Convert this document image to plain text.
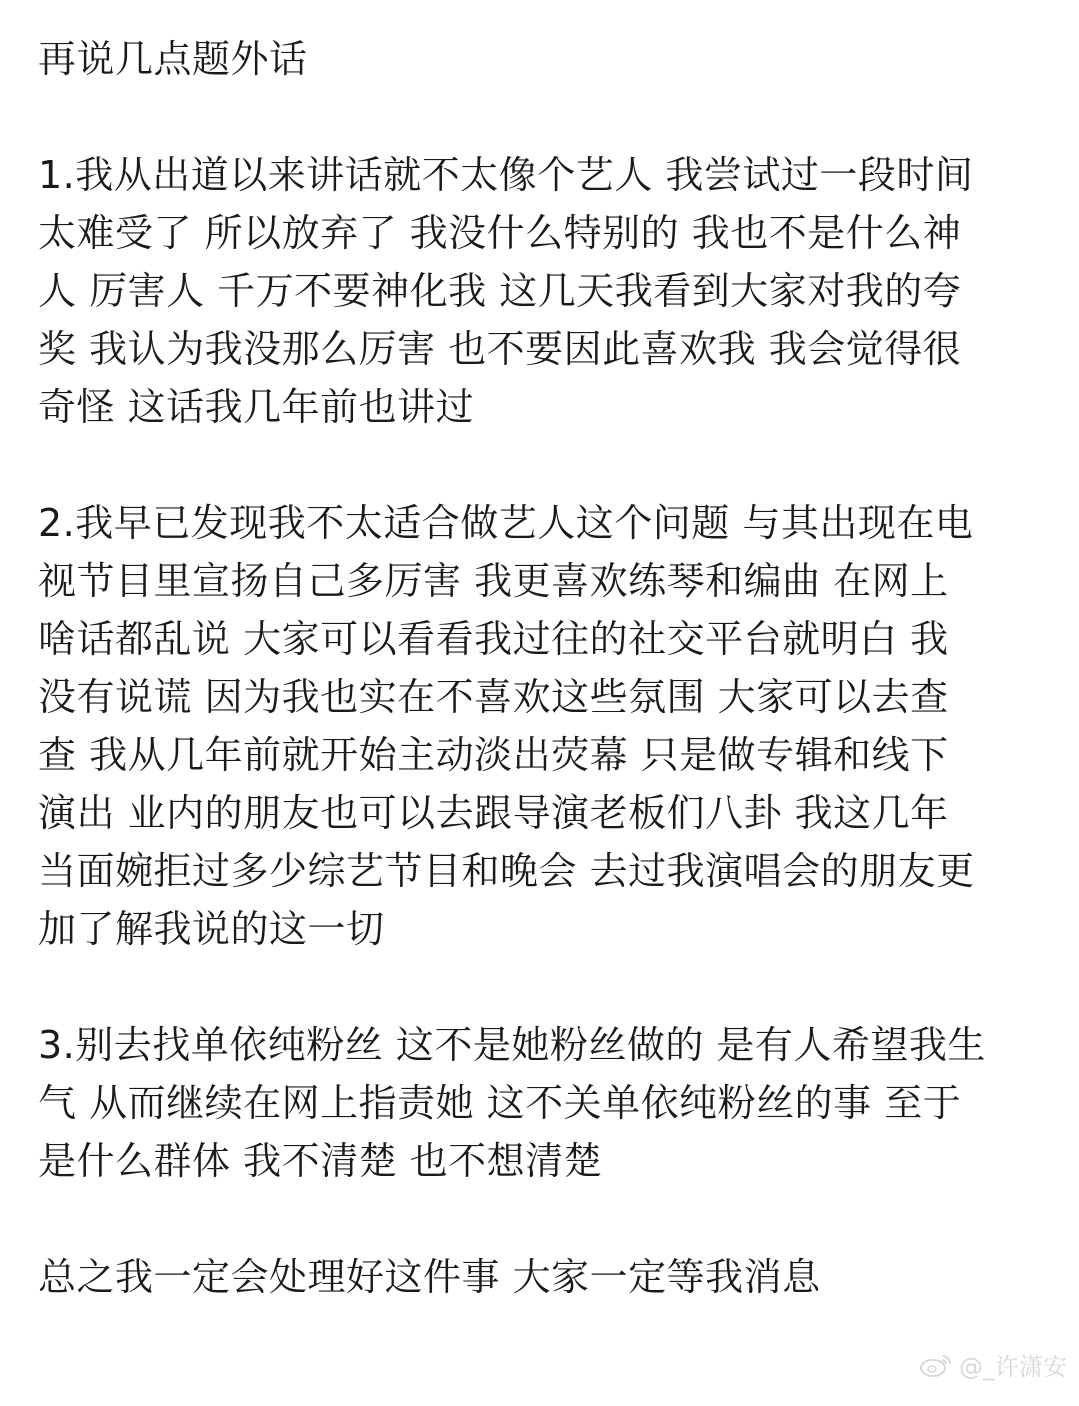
再说几点题外话
1.我从出道以来讲话就不太像个艺人 我尝试过一段时间
太难受了 所以放弃了 我没什么特别的 我也不是什么神
人 厉害人 千万不要神化我 这几天我看到大家对我的夸
奖 我认为我没那么厉害 也不要因此喜欢我 我会觉得很
奇怪 这话我几年前也讲过
2.我早已发现我不太适合做艺人这个问题 与其出现在电
视节目里宣扬自己多厉害 我更喜欢练琴和编曲 在网上
啥话都乱说 大家可以看看我过往的社交平台就明白 我
没有说谎 因为我也实在不喜欢这些氛围 大家可以去查
查 我从几年前就开始主动淡出荧幕 只是做专辑和线下
演出 业内的朋友也可以去跟导演老板们八卦 我这几年
当面婉拒过多少综艺节目和晚会 去过我演唱会的朋友更
加了解我说的这一切
3.别去找单依纯粉丝 这不是她粉丝做的 是有人希望我生
气 从而继续在网上指责她 这不关单依纯粉丝的事 至于
是什么群体 我不清楚 也不想清楚
总之我一定会处理好这件事 大家一定等我消息
@_许潇安
